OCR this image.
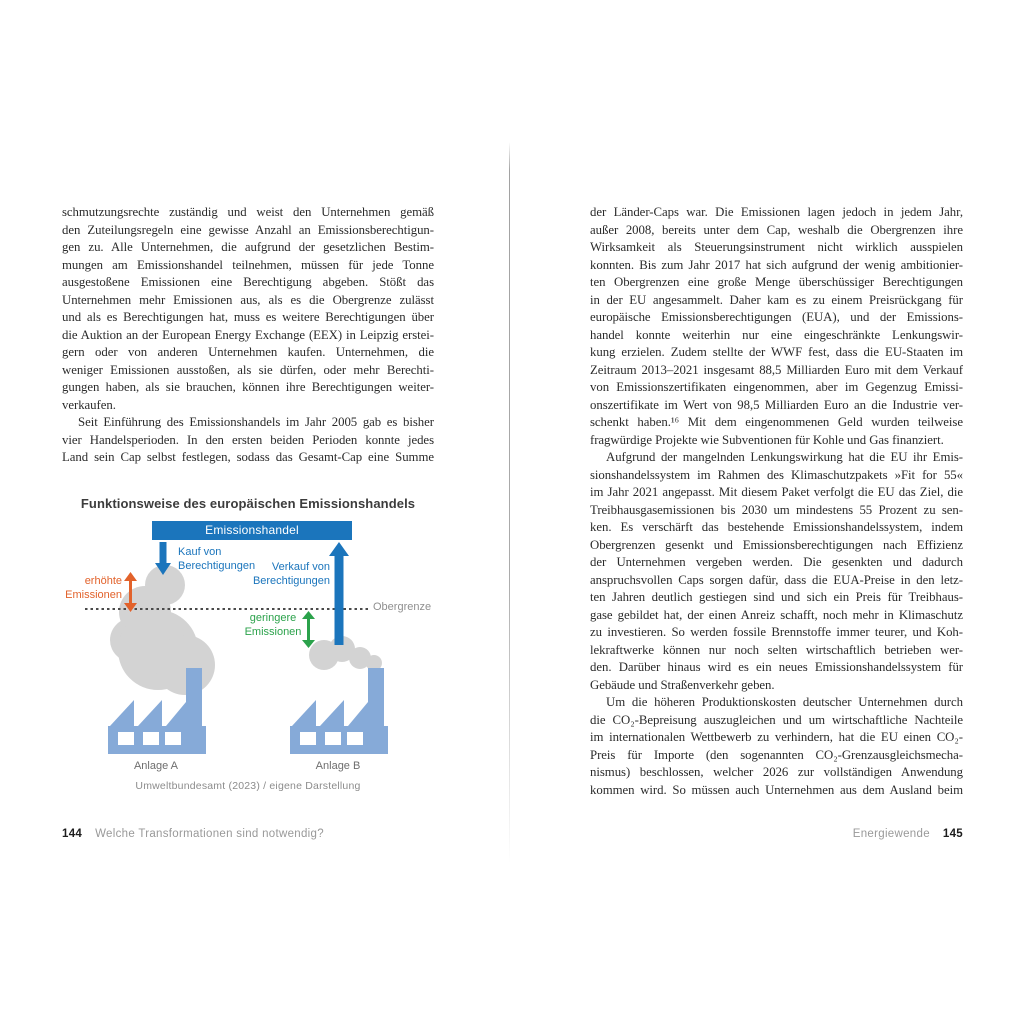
schmutzungsrechte zuständig und weist den Unternehmen gemäß
den Zuteilungsregeln eine gewisse Anzahl an Emissionsberechtigun-
gen zu. Alle Unternehmen, die aufgrund der gesetzlichen Bestim-
mungen am Emissionshandel teilnehmen, müssen für jede Tonne
ausgestoßene Emissionen eine Berechtigung abgeben. Stößt das
Unternehmen mehr Emissionen aus, als es die Obergrenze zulässt
und als es Berechtigungen hat, muss es weitere Berechtigungen über
die Auktion an der European Energy Exchange (EEX) in Leipzig erstei-
gern oder von anderen Unternehmen kaufen. Unternehmen, die
weniger Emissionen ausstoßen, als sie dürfen, oder mehr Berechti-
gungen haben, als sie brauchen, können ihre Berechtigungen weiter-
verkaufen.
Seit Einführung des Emissionshandels im Jahr 2005 gab es bisher
vier Handelsperioden. In den ersten beiden Perioden konnte jedes
Land sein Cap selbst festlegen, sodass das Gesamt-Cap eine Summe
Funktionsweise des europäischen Emissionshandels
Emissionshandel
Obergrenze
Kauf von
Berechtigungen	Verkauf von
Berechtigungen
erhöhte
Emissionen
geringere
Emissionen
Anlage A	Anlage B
Umweltbundesamt (2023) / eigene Darstellung
144 Welche Transformationen sind notwendig?
der Länder-Caps war. Die Emissionen lagen jedoch in jedem Jahr,
außer 2008, bereits unter dem Cap, weshalb die Obergrenzen ihre
Wirksamkeit als Steuerungsinstrument nicht wirklich ausspielen
konnten. Bis zum Jahr 2017 hat sich aufgrund der wenig ambitionier-
ten Obergrenzen eine große Menge überschüssiger Berechtigungen
in der EU angesammelt. Daher kam es zu einem Preisrückgang für
europäische Emissionsberechtigungen (EUA), und der Emissions-
handel konnte weiterhin nur eine eingeschränkte Lenkungswir-
kung erzielen. Zudem stellte der WWF fest, dass die EU-Staaten im
Zeitraum 2013–2021 insgesamt 88,5 Milliarden Euro mit dem Verkauf
von Emissionszertifikaten eingenommen, aber im Gegenzug Emissi-
onszertifikate im Wert von 98,5 Milliarden Euro an die Industrie ver-
schenkt haben.¹⁶ Mit dem eingenommenen Geld wurden teilweise
fragwürdige Projekte wie Subventionen für Kohle und Gas finanziert.
Aufgrund der mangelnden Lenkungswirkung hat die EU ihr Emis-
sionshandelssystem im Rahmen des Klimaschutzpakets »Fit for 55«
im Jahr 2021 angepasst. Mit diesem Paket verfolgt die EU das Ziel, die
Treibhausgasemissionen bis 2030 um mindestens 55 Prozent zu sen-
ken. Es verschärft das bestehende Emissionshandelssystem, indem
Obergrenzen gesenkt und Emissionsberechtigungen nach Effizienz
der Unternehmen vergeben werden. Die gesenkten und dadurch
anspruchsvollen Caps sorgen dafür, dass die EUA-Preise in den letz-
ten Jahren deutlich gestiegen sind und sich ein Preis für Treibhaus-
gase gebildet hat, der einen Anreiz schafft, noch mehr in Klimaschutz
zu investieren. So werden fossile Brennstoffe immer teurer, und Koh-
lekraftwerke können nur noch selten wirtschaftlich betrieben wer-
den. Darüber hinaus wird es ein neues Emissionshandelssystem für
Gebäude und Straßenverkehr geben.
Um die höheren Produktionskosten deutscher Unternehmen durch
die CO₂-Bepreisung auszugleichen und um wirtschaftliche Nachteile
im internationalen Wettbewerb zu verhindern, hat die EU einen CO₂-
Preis für Importe (den sogenannten CO₂-Grenzausgleichsmecha-
nismus) beschlossen, welcher 2026 zur vollständigen Anwendung
kommen wird. So müssen auch Unternehmen aus dem Ausland beim
Energiewende 145
